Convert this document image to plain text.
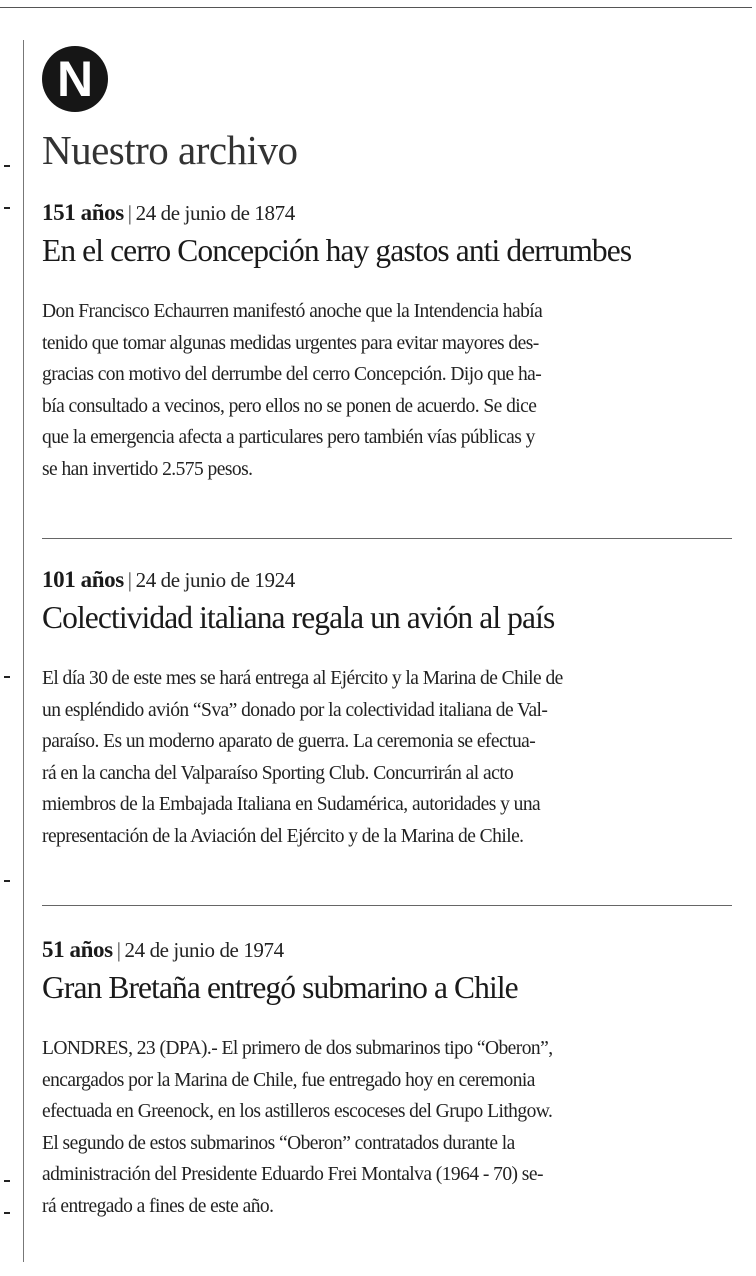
N
Nuestro archivo
151 años | 24 de junio de 1874
En el cerro Concepción hay gastos anti derrumbes
Don Francisco Echaurren manifestó anoche que la Intendencia había
tenido que tomar algunas medidas urgentes para evitar mayores des-
gracias con motivo del derrumbe del cerro Concepción. Dijo que ha-
bía consultado a vecinos, pero ellos no se ponen de acuerdo. Se dice
que la emergencia afecta a particulares pero también vías públicas y
se han invertido 2.575 pesos.
101 años | 24 de junio de 1924
Colectividad italiana regala un avión al país
El día 30 de este mes se hará entrega al Ejército y la Marina de Chile de
un espléndido avión “Sva” donado por la colectividad italiana de Val-
paraíso. Es un moderno aparato de guerra. La ceremonia se efectua-
rá en la cancha del Valparaíso Sporting Club. Concurrirán al acto
miembros de la Embajada Italiana en Sudamérica, autoridades y una
representación de la Aviación del Ejército y de la Marina de Chile.
51 años | 24 de junio de 1974
Gran Bretaña entregó submarino a Chile
LONDRES, 23 (DPA).- El primero de dos submarinos tipo “Oberon”,
encargados por la Marina de Chile, fue entregado hoy en ceremonia
efectuada en Greenock, en los astilleros escoceses del Grupo Lithgow.
El segundo de estos submarinos “Oberon” contratados durante la
administración del Presidente Eduardo Frei Montalva (1964 - 70) se-
rá entregado a fines de este año.
